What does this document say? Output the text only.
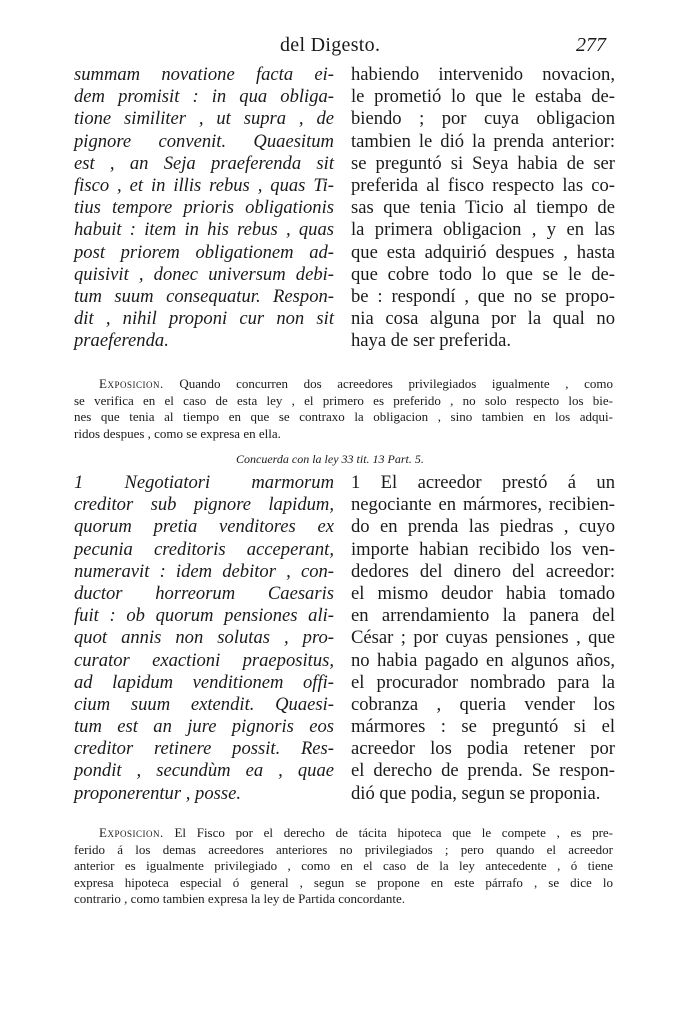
del Digesto.	277
summam novatione facta ei-
dem promisit : in qua obliga-
tione similiter , ut supra , de
pignore convenit. Quaesitum
est , an Seja praeferenda sit
fisco , et in illis rebus , quas Ti-
tius tempore prioris obligationis
habuit : item in his rebus , quas
post priorem obligationem ad-
quisivit , donec universum debi-
tum suum consequatur. Respon-
dit , nihil proponi cur non sit
praeferenda.
habiendo intervenido novacion,
le prometió lo que le estaba de-
biendo ; por cuya obligacion
tambien le dió la prenda anterior:
se preguntó si Seya habia de ser
preferida al fisco respecto las co-
sas que tenia Ticio al tiempo de
la primera obligacion , y en las
que esta adquirió despues , hasta
que cobre todo lo que se le de-
be : respondí , que no se propo-
nia cosa alguna por la qual no
haya de ser preferida.
Exposicion. Quando concurren dos acreedores privilegiados igualmente , como
se verifica en el caso de esta ley , el primero es preferido , no solo respecto los bie-
nes que tenia al tiempo en que se contraxo la obligacion , sino tambien en los adqui-
ridos despues , como se expresa en ella.
Concuerda con la ley 33 tit. 13 Part. 5.
1 Negotiatori marmorum
creditor sub pignore lapidum,
quorum pretia venditores ex
pecunia creditoris acceperant,
numeravit : idem debitor , con-
ductor horreorum Caesaris
fuit : ob quorum pensiones ali-
quot annis non solutas , pro-
curator exactioni praepositus,
ad lapidum venditionem offi-
cium suum extendit. Quaesi-
tum est an jure pignoris eos
creditor retinere possit. Res-
pondit , secundùm ea , quae
proponerentur , posse.
1 El acreedor prestó á un
negociante en mármores, recibien-
do en prenda las piedras , cuyo
importe habian recibido los ven-
dedores del dinero del acreedor:
el mismo deudor habia tomado
en arrendamiento la panera del
César ; por cuyas pensiones , que
no habia pagado en algunos años,
el procurador nombrado para la
cobranza , queria vender los
mármores : se preguntó si el
acreedor los podia retener por
el derecho de prenda. Se respon-
dió que podia, segun se proponia.
Exposicion. El Fisco por el derecho de tácita hipoteca que le compete , es pre-
ferido á los demas acreedores anteriores no privilegiados ; pero quando el acreedor
anterior es igualmente privilegiado , como en el caso de la ley antecedente , ó tiene
expresa hipoteca especial ó general , segun se propone en este párrafo , se dice lo
contrario , como tambien expresa la ley de Partida concordante.
